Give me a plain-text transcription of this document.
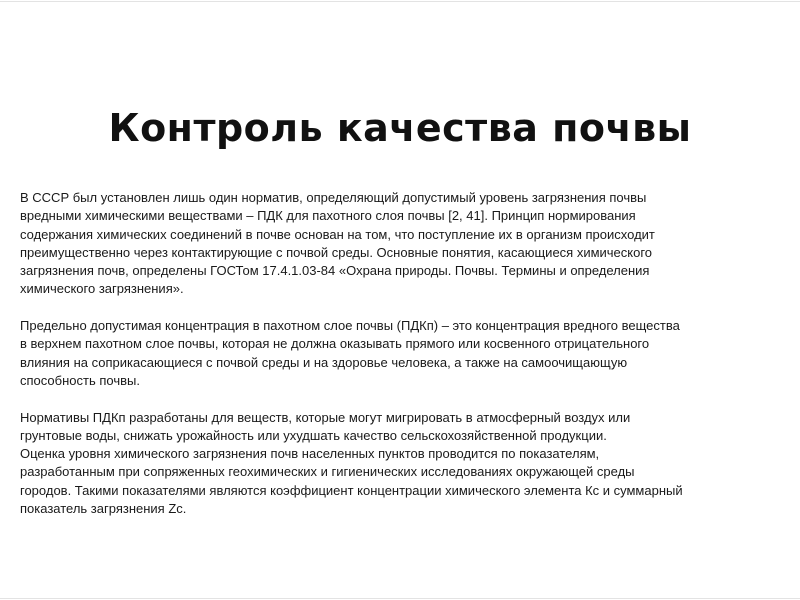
Контроль качества почвы
В СССР был установлен лишь один норматив, определяющий допустимый уровень загрязнения почвы
вредными химическими веществами – ПДК для пахотного слоя почвы [2, 41]. Принцип нормирования
содержания химических соединений в почве основан на том, что поступление их в организм происходит
преимущественно через контактирующие с почвой среды. Основные понятия, касающиеся химического
загрязнения почв, определены ГОСТом 17.4.1.03-84 «Охрана природы. Почвы. Термины и определения
химического загрязнения».
Предельно допустимая концентрация в пахотном слое почвы (ПДКп) – это концентрация вредного вещества
в верхнем пахотном слое почвы, которая не должна оказывать прямого или косвенного отрицательного
влияния на соприкасающиеся с почвой среды и на здоровье человека, а также на самоочищающую
способность почвы.
Нормативы ПДКп разработаны для веществ, которые могут мигрировать в атмосферный воздух или
грунтовые воды, снижать урожайность или ухудшать качество сельскохозяйственной продукции.
Оценка уровня химического загрязнения почв населенных пунктов проводится по показателям,
разработанным при сопряженных геохимических и гигиенических исследованиях окружающей среды
городов. Такими показателями являются коэффициент концентрации химического элемента Кс и суммарный
показатель загрязнения Zc.
